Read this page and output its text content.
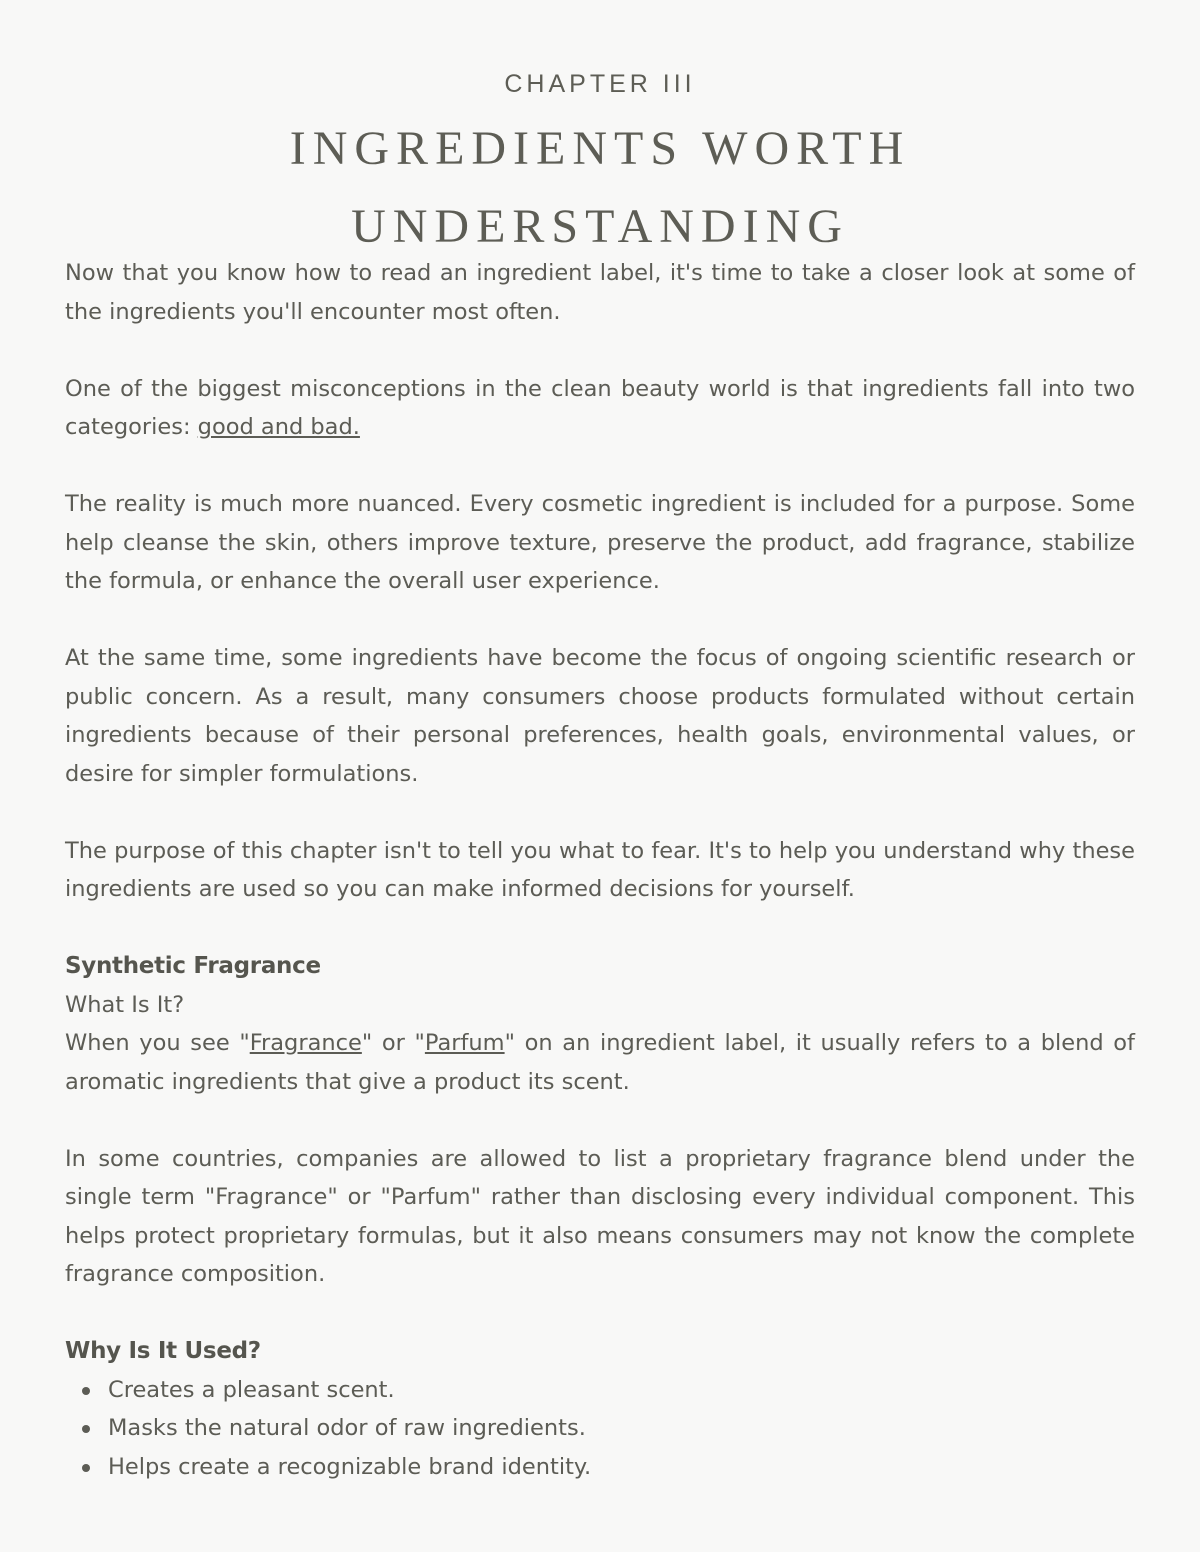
CHAPTER III
INGREDIENTS WORTH
UNDERSTANDING

Now that you know how to read an ingredient label, it's time to take a closer look at some of the ingredients you'll encounter most often.

One of the biggest misconceptions in the clean beauty world is that ingredients fall into two categories: good and bad.

The reality is much more nuanced. Every cosmetic ingredient is included for a purpose. Some help cleanse the skin, others improve texture, preserve the product, add fragrance, stabilize the formula, or enhance the overall user experience.

At the same time, some ingredients have become the focus of ongoing scientific research or public concern. As a result, many consumers choose products formulated without certain ingredients because of their personal preferences, health goals, environmental values, or desire for simpler formulations.

The purpose of this chapter isn't to tell you what to fear. It's to help you understand why these ingredients are used so you can make informed decisions for yourself.

Synthetic Fragrance
What Is It?

When you see "Fragrance" or "Parfum" on an ingredient label, it usually refers to a blend of aromatic ingredients that give a product its scent.

In some countries, companies are allowed to list a proprietary fragrance blend under the single term "Fragrance" or "Parfum" rather than disclosing every individual component. This helps protect proprietary formulas, but it also means consumers may not know the complete fragrance composition.

Why Is It Used?
Creates a pleasant scent.
Masks the natural odor of raw ingredients.
Helps create a recognizable brand identity.
